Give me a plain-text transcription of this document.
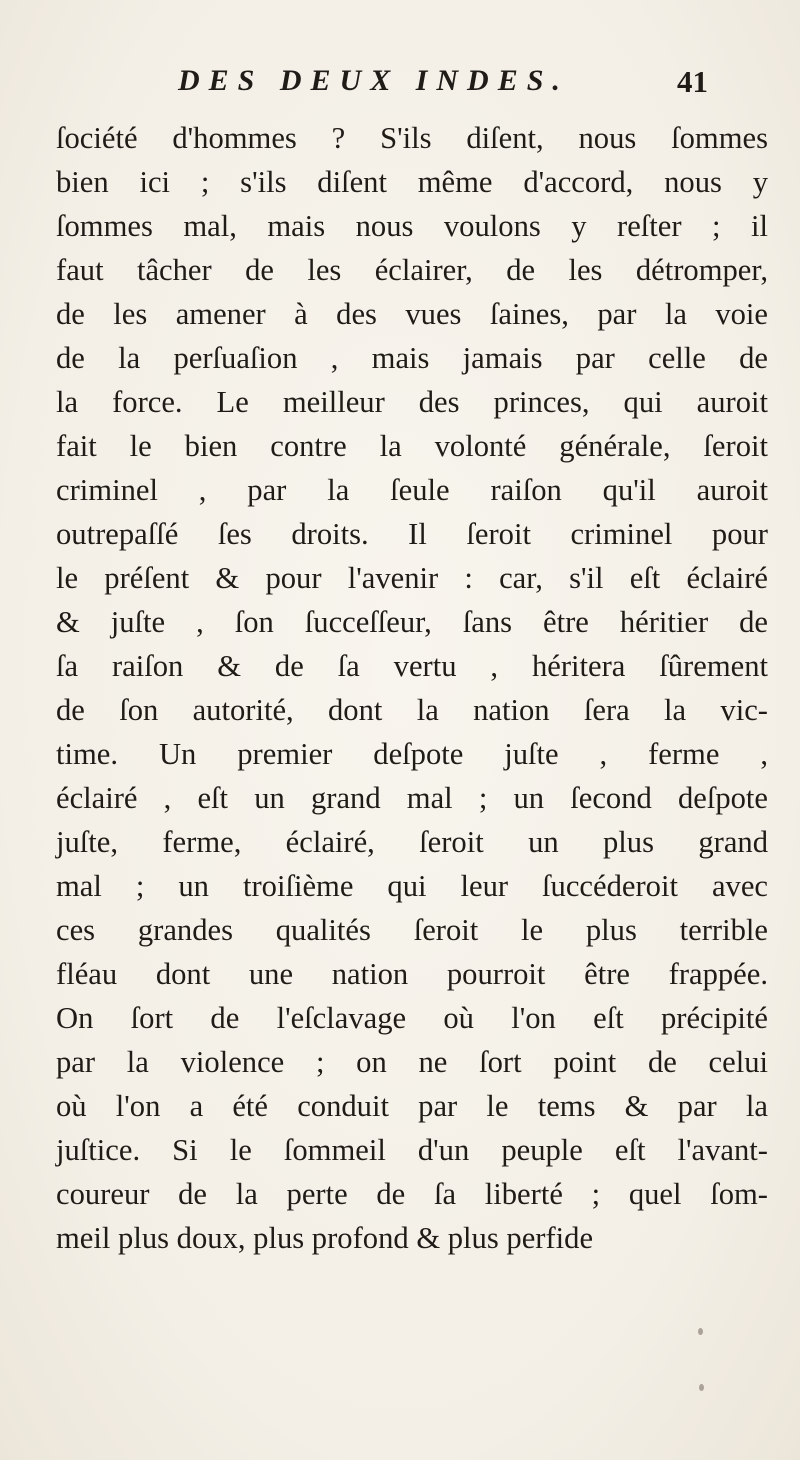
DES DEUX INDES.	41
ſociété d'hommes ? S'ils diſent, nous ſommes
bien ici ; s'ils diſent même d'accord, nous y
ſommes mal, mais nous voulons y reſter ; il
faut tâcher de les éclairer, de les détromper,
de les amener à des vues ſaines, par la voie
de la perſuaſion , mais jamais par celle de
la force. Le meilleur des princes, qui auroit
fait le bien contre la volonté générale, ſeroit
criminel , par la ſeule raiſon qu'il auroit
outrepaſſé ſes droits. Il ſeroit criminel pour
le préſent & pour l'avenir : car, s'il eſt éclairé
& juſte , ſon ſucceſſeur, ſans être héritier de
ſa raiſon & de ſa vertu , héritera ſûrement
de ſon autorité, dont la nation ſera la vic-
time. Un premier deſpote juſte , ferme ,
éclairé , eſt un grand mal ; un ſecond deſpote
juſte, ferme, éclairé, ſeroit un plus grand
mal ; un troiſième qui leur ſuccéderoit avec
ces grandes qualités ſeroit le plus terrible
fléau dont une nation pourroit être frappée.
On ſort de l'eſclavage où l'on eſt précipité
par la violence ; on ne ſort point de celui
où l'on a été conduit par le tems & par la
juſtice. Si le ſommeil d'un peuple eſt l'avant-
coureur de la perte de ſa liberté ; quel ſom-
meil plus doux, plus profond & plus perfide
